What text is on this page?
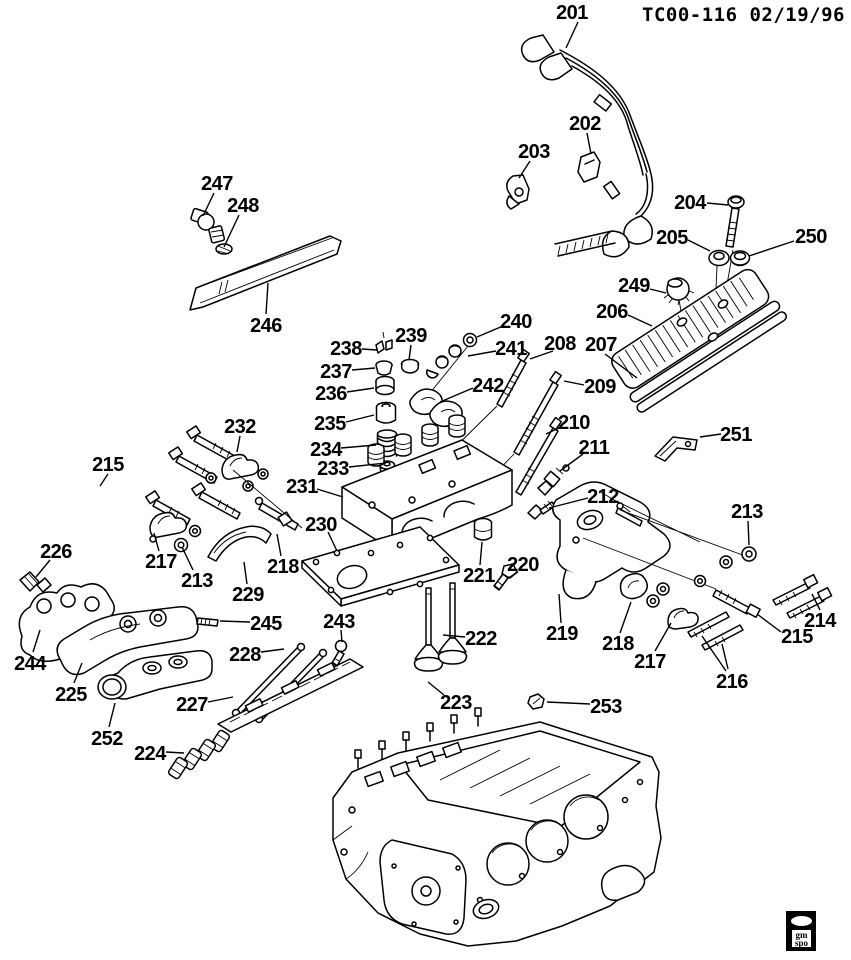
TC00-116 02/19/96
201
202
203
204
205	250
249
206
246
247
248
239
238
240
241 208 207
237
236	242
235
209
234
210
233
211
231
251
232
212
213
215
230
226	217
213
218	220
221
229
219 218
217
216
215
214
245 243
222
244
225	227
228
252
224
223	253
gm
spo
